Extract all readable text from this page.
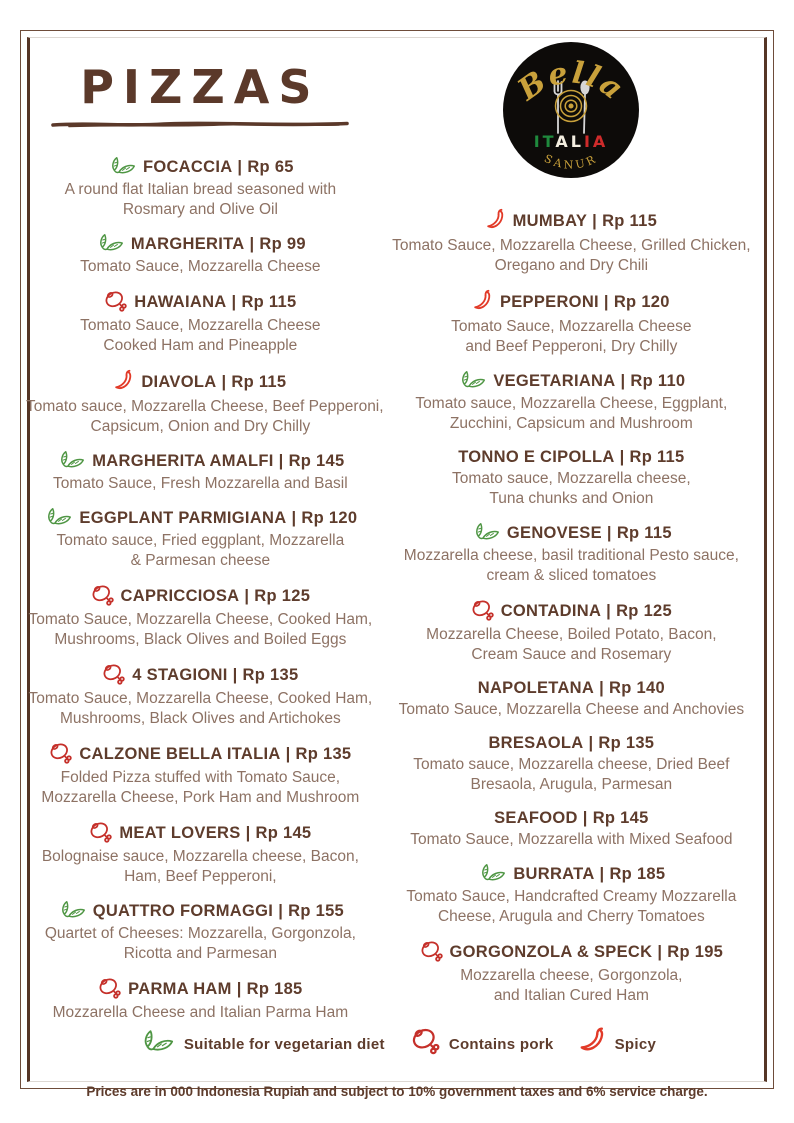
PIZZAS
FOCACCIA | Rp 65
A round flat Italian bread seasoned with
Rosmary and Olive Oil
MARGHERITA | Rp 99
Tomato Sauce, Mozzarella Cheese
HAWAIANA | Rp 115
Tomato Sauce, Mozzarella Cheese
Cooked Ham and Pineapple
DIAVOLA | Rp 115
Tomato sauce, Mozzarella Cheese, Beef Pepperoni,
Capsicum, Onion and Dry Chilly
MARGHERITA AMALFI | Rp 145
Tomato Sauce, Fresh Mozzarella and Basil
EGGPLANT PARMIGIANA | Rp 120
Tomato sauce, Fried eggplant, Mozzarella
& Parmesan cheese
CAPRICCIOSA | Rp 125
Tomato Sauce, Mozzarella Cheese, Cooked Ham,
Mushrooms, Black Olives and Boiled Eggs
4 STAGIONI | Rp 135
Tomato Sauce, Mozzarella Cheese, Cooked Ham,
Mushrooms, Black Olives and Artichokes
CALZONE BELLA ITALIA | Rp 135
Folded Pizza stuffed with Tomato Sauce,
Mozzarella Cheese, Pork Ham and Mushroom
MEAT LOVERS | Rp 145
Bolognaise sauce, Mozzarella cheese, Bacon,
Ham, Beef Pepperoni,
QUATTRO FORMAGGI | Rp 155
Quartet of Cheeses: Mozzarella, Gorgonzola,
Ricotta and Parmesan
PARMA HAM | Rp 185
Mozzarella Cheese and Italian Parma Ham
Bella
ITALIA
SANUR
MUMBAY | Rp 115
Tomato Sauce, Mozzarella Cheese, Grilled Chicken,
Oregano and Dry Chili
PEPPERONI | Rp 120
Tomato Sauce, Mozzarella Cheese
and Beef Pepperoni, Dry Chilly
VEGETARIANA | Rp 110
Tomato sauce, Mozzarella Cheese, Eggplant,
Zucchini, Capsicum and Mushroom
TONNO E CIPOLLA | Rp 115
Tomato sauce, Mozzarella cheese,
Tuna chunks and Onion
GENOVESE | Rp 115
Mozzarella cheese, basil traditional Pesto sauce,
cream & sliced tomatoes
CONTADINA | Rp 125
Mozzarella Cheese, Boiled Potato, Bacon,
Cream Sauce and Rosemary
NAPOLETANA | Rp 140
Tomato Sauce, Mozzarella Cheese and Anchovies
BRESAOLA | Rp 135
Tomato sauce, Mozzarella cheese, Dried Beef
Bresaola, Arugula, Parmesan
SEAFOOD | Rp 145
Tomato Sauce, Mozzarella with Mixed Seafood
BURRATA | Rp 185
Tomato Sauce, Handcrafted Creamy Mozzarella
Cheese, Arugula and Cherry Tomatoes
GORGONZOLA & SPECK | Rp 195
Mozzarella cheese, Gorgonzola,
and Italian Cured Ham
Suitable for vegetarian diet	Contains pork	Spicy
Prices are in 000 Indonesia Rupiah and subject to 10% government taxes and 6% service charge.
